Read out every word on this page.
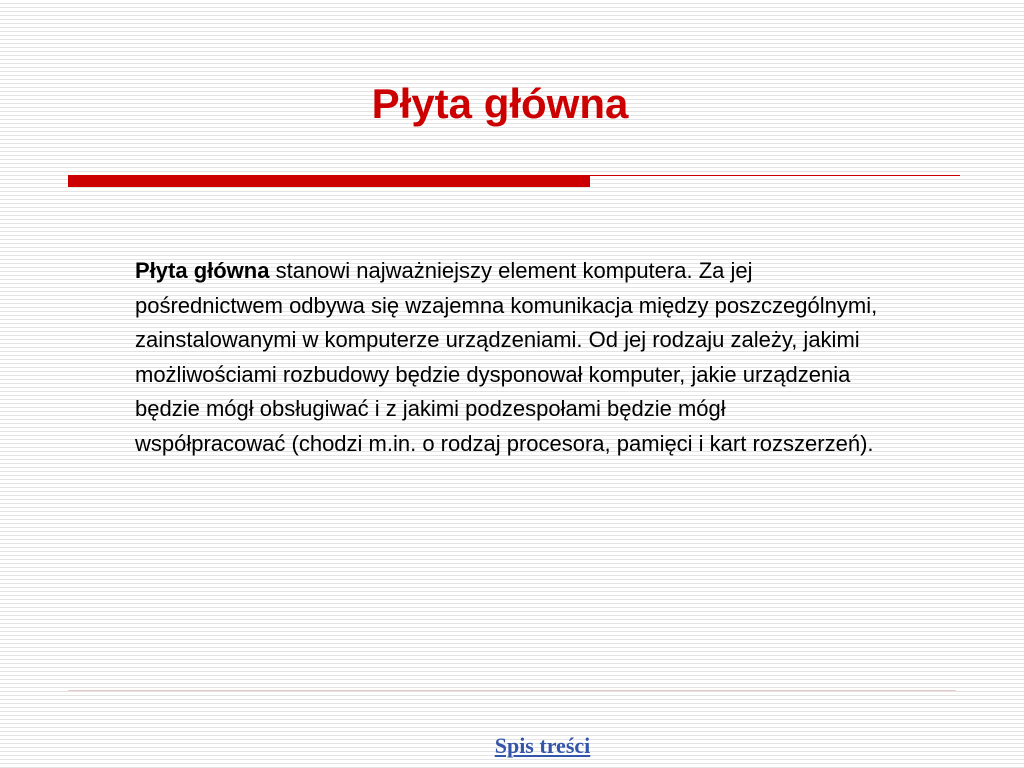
Płyta główna

Płyta główna stanowi najważniejszy element komputera. Za jej pośrednictwem odbywa się wzajemna komunikacja między poszczególnymi, zainstalowanymi w komputerze urządzeniami. Od jej rodzaju zależy, jakimi możliwościami rozbudowy będzie dysponował komputer, jakie urządzenia będzie mógł obsługiwać i z jakimi podzespołami będzie mógł współpracować (chodzi m.in. o rodzaj procesora, pamięci i kart rozszerzeń).

Spis treści
